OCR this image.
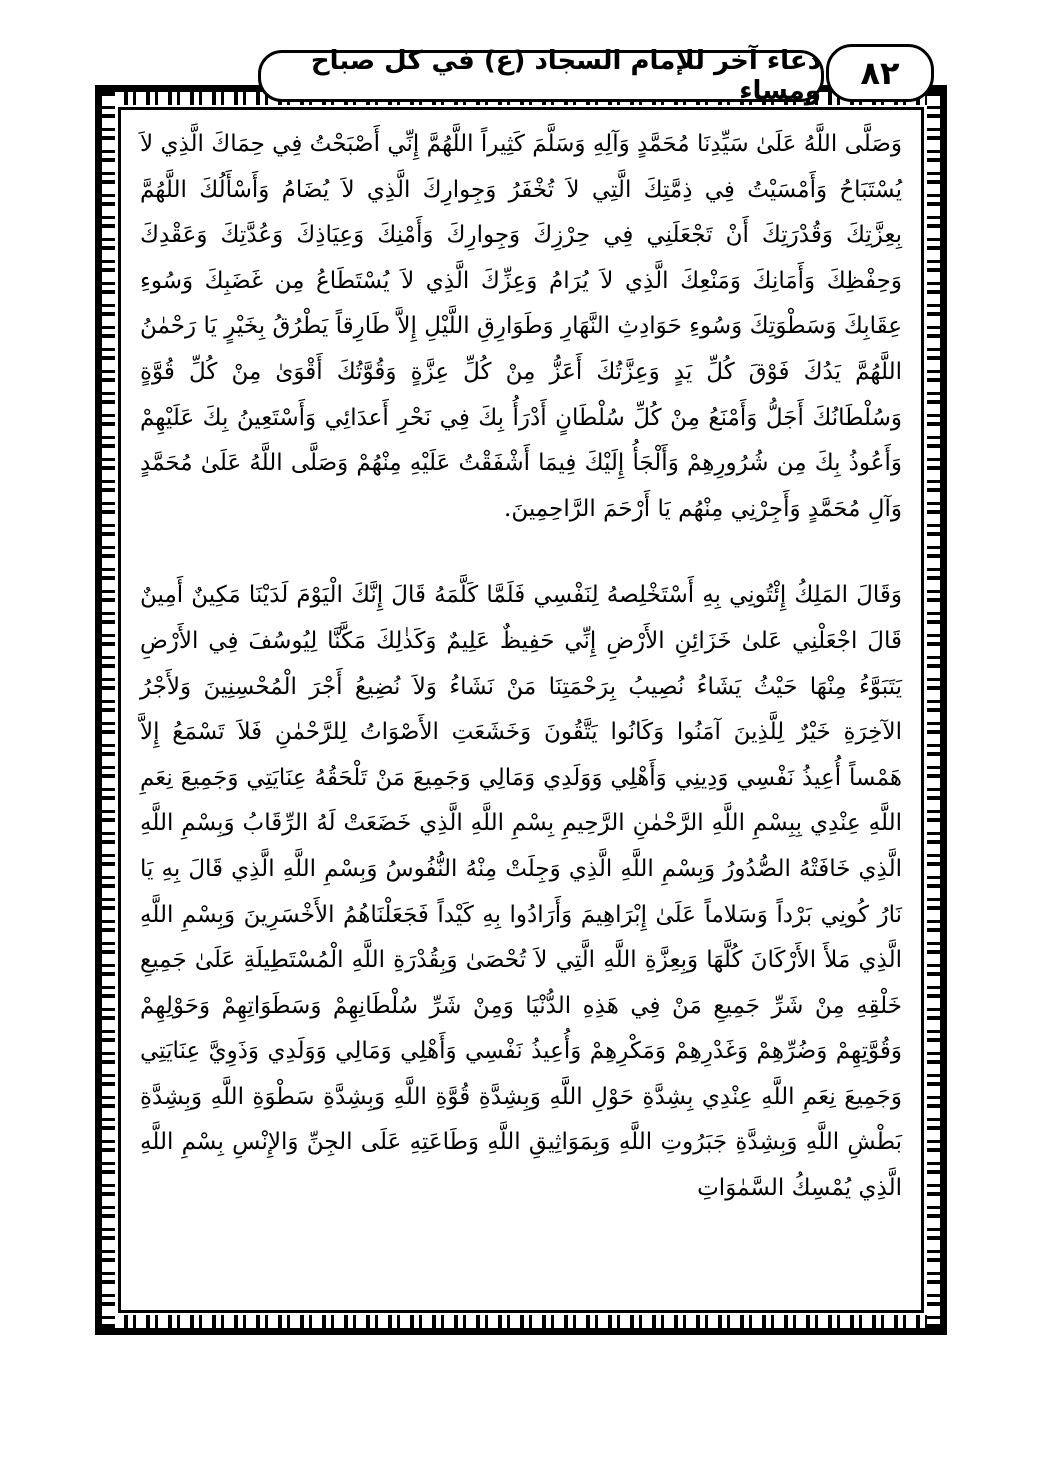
دعاء آخر للإمام السجاد (ع) في كل صباح ومساء	٨٢

وَصَلَّى اللَّهُ عَلَىٰ سَيِّدِنَا مُحَمَّدٍ وَآلِهِ وَسَلَّمَ كَثِيراً اللَّهُمَّ إِنِّي أَصْبَحْتُ فِي حِمَاكَ الَّذِي لاَ يُسْتَبَاحُ وَأَمْسَيْتُ فِي ذِمَّتِكَ الَّتِي لاَ تُخْفَرُ وَجِوارِكَ الَّذِي لاَ يُضَامُ وَأَسْأَلُكَ اللَّهُمَّ بِعِزَّتِكَ وَقُدْرَتِكَ أَنْ تَجْعَلَنِي فِي حِرْزِكَ وَجِوارِكَ وَأَمْنِكَ وَعِيَاذِكَ وَعُدَّتِكَ وَعَقْدِكَ وَحِفْظِكَ وَأَمَانِكَ وَمَنْعِكَ الَّذِي لاَ يُرَامُ وَعِزِّكَ الَّذِي لاَ يُسْتَطَاعُ مِن غَضَبِكَ وَسُوءِ عِقَابِكَ وَسَطْوَتِكَ وَسُوءِ حَوَادِثِ النَّهَارِ وَطَوَارِقِ اللَّيْلِ إِلاَّ طَارِقاً يَطْرُقُ بِخَيْرٍ يَا رَحْمٰنُ اللَّهُمَّ يَدُكَ فَوْقَ كُلِّ يَدٍ وَعِزَّتُكَ أَعَزُّ مِنْ كُلِّ عِزَّةٍ وَقُوَّتُكَ أَقْوَىٰ مِنْ كُلِّ قُوَّةٍ وَسُلْطَانُكَ أَجَلُّ وَأَمْنَعُ مِنْ كُلِّ سُلْطَانٍ أَدْرَأُ بِكَ فِي نَحْرِ أَعدَائِي وَأَسْتَعِينُ بِكَ عَلَيْهِمْ وَأَعُوذُ بِكَ مِن شُرُورِهِمْ وَأَلْجَأُ إِلَيْكَ فِيمَا أَشْفَقْتُ عَلَيْهِ مِنْهُمْ وَصَلَّى اللَّهُ عَلَىٰ مُحَمَّدٍ وَآلِ مُحَمَّدٍ وَأَجِرْنِي مِنْهُم يَا أَرْحَمَ الرَّاحِمِينَ.

وَقَالَ المَلِكُ إِئْتُونِي بِهِ أَسْتَخْلِصهُ لِنَفْسِي فَلَمَّا كَلَّمَهُ قَالَ إِنَّكَ الْيَوْمَ لَدَيْنَا مَكِينٌ أَمِينٌ قَالَ اجْعَلْنِي عَلىٰ خَزَائِنِ الأَرْضِ إِنِّي حَفِيظٌ عَلِيمٌ وَكَذٰلِكَ مَكَّنَّا لِيُوسُفَ فِي الأَرْضِ يَتَبَوَّءُ مِنْهَا حَيْثُ يَشَاءُ نُصِيبُ بِرَحْمَتِنَا مَنْ نَشَاءُ وَلاَ نُضِيعُ أَجْرَ الْمُحْسِنِينَ وَلأَجْرُ الآخِرَةِ خَيْرٌ لِلَّذِينَ آمَنُوا وَكَانُوا يَتَّقُونَ وَخَشَعَتِ الأَصْوَاتُ لِلرَّحْمٰنِ فَلاَ تَسْمَعُ إِلاَّ هَمْساً أُعِيذُ نَفْسِي وَدِينِي وَأَهْلِي وَوَلَدِي وَمَالِي وَجَمِيعَ مَنْ تَلْحَقُهُ عِنَايَتِي وَجَمِيعَ نِعَمِ اللَّهِ عِنْدِي بِبِسْمِ اللَّهِ الرَّحْمٰنِ الرَّحِيمِ بِسْمِ اللَّهِ الَّذِي خَضَعَتْ لَهُ الرِّقَابُ وَبِسْمِ اللَّهِ الَّذِي خَافَتْهُ الصُّدُورُ وَبِسْمِ اللَّهِ الَّذِي وَجِلَتْ مِنْهُ النُّفُوسُ وَبِسْمِ اللَّهِ الَّذِي قَالَ بِهِ يَا نَارُ كُونِي بَرْداً وَسَلاماً عَلَىٰ إِبْرَاهِيمَ وَأَرَادُوا بِهِ كَيْداً فَجَعَلْنَاهُمُ الأَخْسَرِينَ وَبِسْمِ اللَّهِ الَّذِي مَلأَ الأَرْكَانَ كُلَّهَا وَبِعِزَّةِ اللَّهِ الَّتِي لاَ تُحْصَىٰ وَبِقُدْرَةِ اللَّهِ الْمُسْتَطِيلَةِ عَلَىٰ جَمِيعِ خَلْقِهِ مِنْ شَرِّ جَمِيعِ مَنْ فِي هَذِهِ الدُّنْيَا وَمِنْ شَرِّ سُلْطَانِهِمْ وَسَطَوَاتِهِمْ وَحَوْلِهِمْ وَقُوَّتِهِمْ وَضُرِّهِمْ وَغَدْرِهِمْ وَمَكْرِهِمْ وَأُعِيذُ نَفْسِي وَأَهْلِي وَمَالِي وَوَلَدِي وَذَوِيَّ عِنَايَتِي وَجَمِيعَ نِعَمِ اللَّهِ عِنْدِي بِشِدَّةِ حَوْلِ اللَّهِ وَبِشِدَّةِ قُوَّةِ اللَّهِ وَبِشِدَّةِ سَطْوَةِ اللَّهِ وَبِشِدَّةِ بَطْشِ اللَّهِ وَبِشِدَّةِ جَبَرُوتِ اللَّهِ وَبِمَوَاثِيقِ اللَّهِ وَطَاعَتِهِ عَلَى الجِنِّ وَالإِنْسِ بِسْمِ اللَّهِ الَّذِي يُمْسِكُ السَّمٰوَاتِ
